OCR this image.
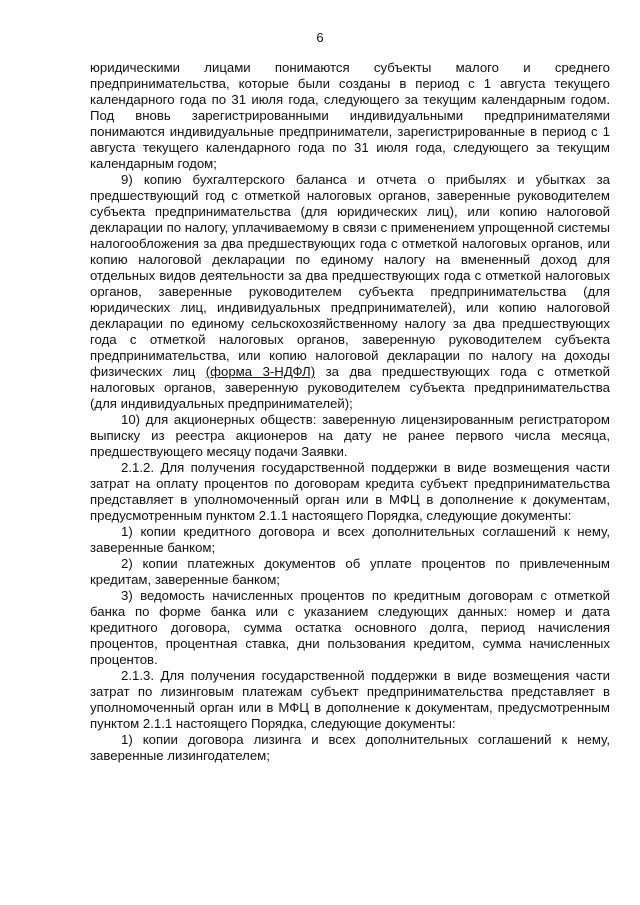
6

юридическими лицами понимаются субъекты малого и среднего предпринимательства, которые были созданы в период с 1 августа текущего календарного года по 31 июля года, следующего за текущим календарным годом. Под вновь зарегистрированными индивидуальными предпринимателями понимаются индивидуальные предприниматели, зарегистрированные в период с 1 августа текущего календарного года по 31 июля года, следующего за текущим календарным годом;

9) копию бухгалтерского баланса и отчета о прибылях и убытках за предшествующий год с отметкой налоговых органов, заверенные руководителем субъекта предпринимательства (для юридических лиц), или копию налоговой декларации по налогу, уплачиваемому в связи с применением упрощенной системы налогообложения за два предшествующих года с отметкой налоговых органов, или копию налоговой декларации по единому налогу на вмененный доход для отдельных видов деятельности за два предшествующих года с отметкой налоговых органов, заверенные руководителем субъекта предпринимательства (для юридических лиц, индивидуальных предпринимателей), или копию налоговой декларации по единому сельскохозяйственному налогу за два предшествующих года с отметкой налоговых органов, заверенную руководителем субъекта предпринимательства, или копию налоговой декларации по налогу на доходы физических лиц (форма 3-НДФЛ) за два предшествующих года с отметкой налоговых органов, заверенную руководителем субъекта предпринимательства (для индивидуальных предпринимателей);

10) для акционерных обществ: заверенную лицензированным регистратором выписку из реестра акционеров на дату не ранее первого числа месяца, предшествующего месяцу подачи Заявки.

2.1.2. Для получения государственной поддержки в виде возмещения части затрат на оплату процентов по договорам кредита субъект предпринимательства представляет в уполномоченный орган или в МФЦ в дополнение к документам, предусмотренным пунктом 2.1.1 настоящего Порядка, следующие документы:

1) копии кредитного договора и всех дополнительных соглашений к нему, заверенные банком;

2) копии платежных документов об уплате процентов по привлеченным кредитам, заверенные банком;

3) ведомость начисленных процентов по кредитным договорам с отметкой банка по форме банка или с указанием следующих данных: номер и дата кредитного договора, сумма остатка основного долга, период начисления процентов, процентная ставка, дни пользования кредитом, сумма начисленных процентов.

2.1.3. Для получения государственной поддержки в виде возмещения части затрат по лизинговым платежам субъект предпринимательства представляет в уполномоченный орган или в МФЦ в дополнение к документам, предусмотренным пунктом 2.1.1 настоящего Порядка, следующие документы:

1) копии договора лизинга и всех дополнительных соглашений к нему, заверенные лизингодателем;
